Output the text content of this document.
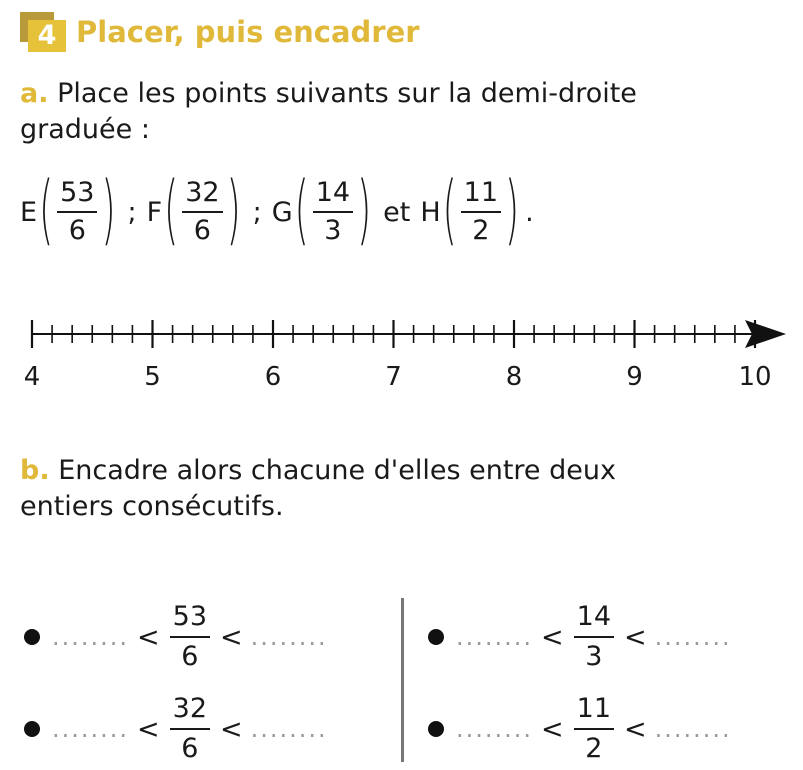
4 Placer, puis encadrer
a. Place les points suivants sur la demi-droite
graduée :
E ( $\frac{53}{6}$ ) ; F ( $\frac{32}{6}$ ) ; G ( $\frac{14}{3}$ ) et H ( $\frac{11}{2}$ ) .
4	5	6	7	8	9	10
b. Encadre alors chacune d'elles entre deux
entiers consécutifs.
........ < $\frac{53}{6}$ < ........	........ < $\frac{14}{3}$ < ........
........ < $\frac{32}{6}$ < ........	........ < $\frac{11}{2}$ < ........
